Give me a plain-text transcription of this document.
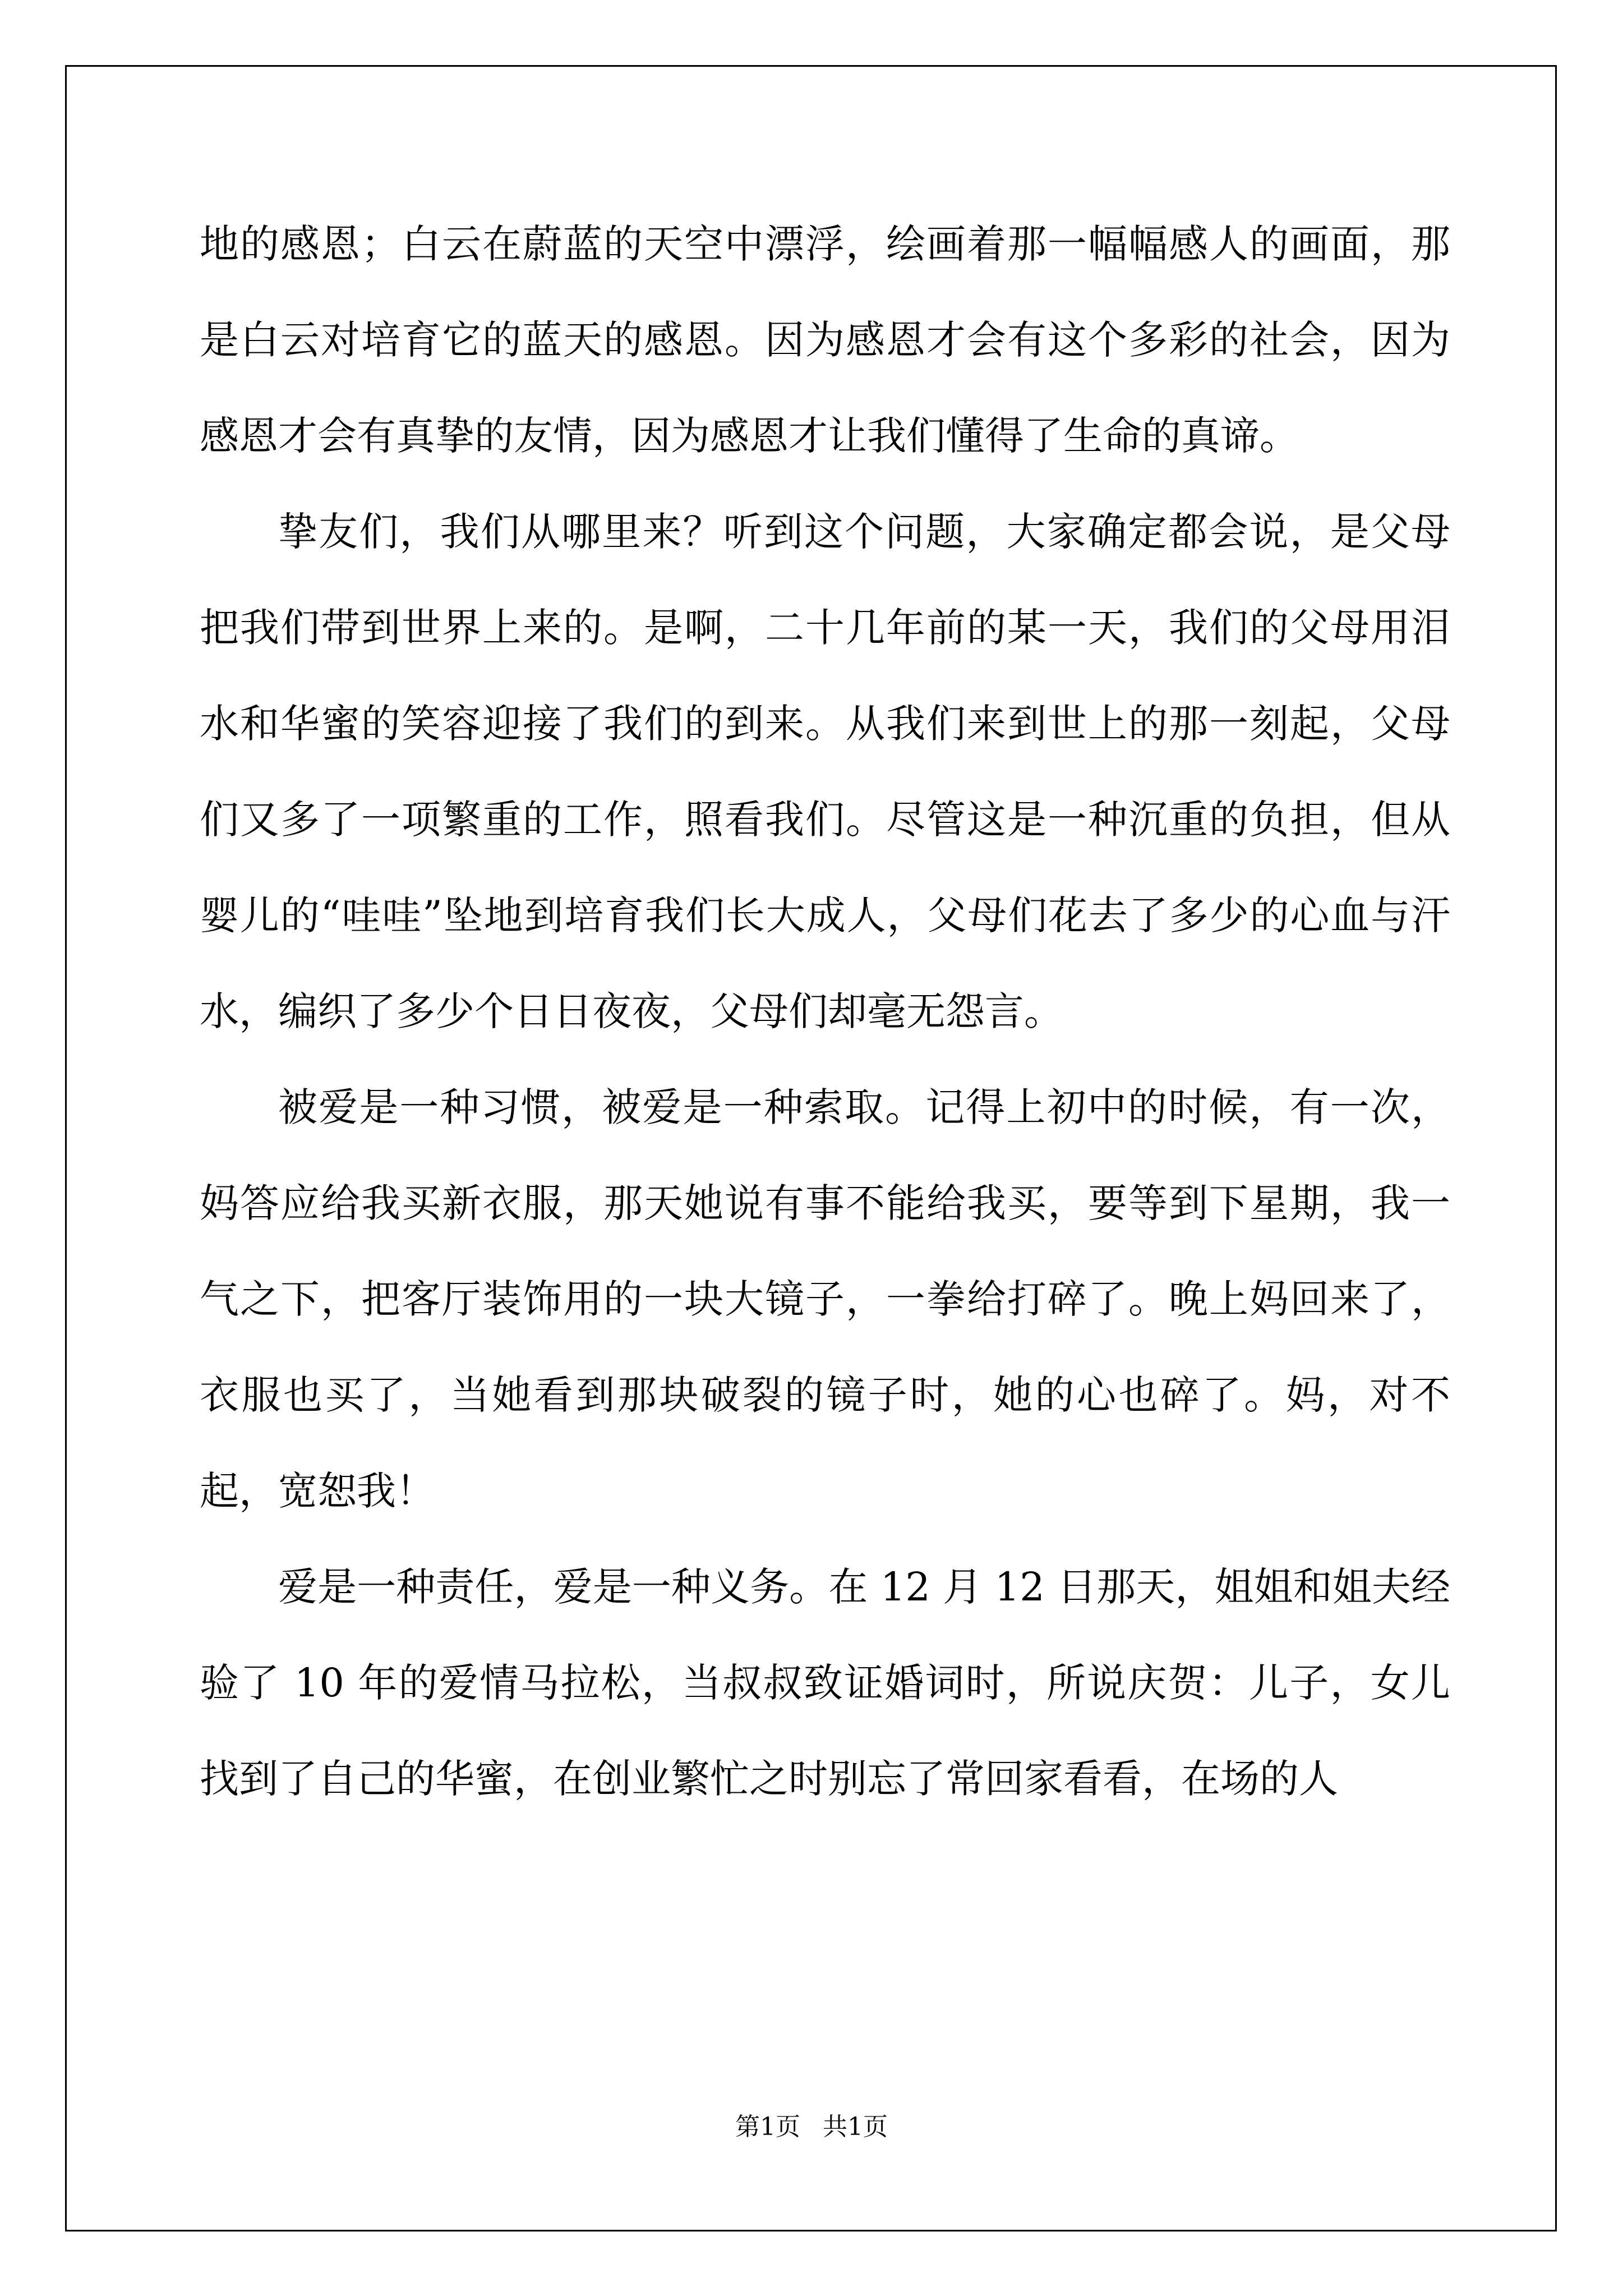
地的感恩；白云在蔚蓝的天空中漂浮，绘画着那一幅幅感人的画面，那是白云对培育它的蓝天的感恩。因为感恩才会有这个多彩的社会，因为感恩才会有真挚的友情，因为感恩才让我们懂得了生命的真谛。

挚友们，我们从哪里来？听到这个问题，大家确定都会说，是父母把我们带到世界上来的。是啊，二十几年前的某一天，我们的父母用泪水和华蜜的笑容迎接了我们的到来。从我们来到世上的那一刻起，父母们又多了一项繁重的工作，照看我们。尽管这是一种沉重的负担，但从婴儿的“哇哇”坠地到培育我们长大成人，父母们花去了多少的心血与汗水，编织了多少个日日夜夜，父母们却毫无怨言。

被爱是一种习惯，被爱是一种索取。记得上初中的时候，有一次，妈答应给我买新衣服，那天她说有事不能给我买，要等到下星期，我一气之下，把客厅装饰用的一块大镜子，一拳给打碎了。晚上妈回来了，衣服也买了，当她看到那块破裂的镜子时，她的心也碎了。妈，对不起，宽恕我！

爱是一种责任，爱是一种义务。在 12 月 12 日那天，姐姐和姐夫经验了 10 年的爱情马拉松，当叔叔致证婚词时，所说庆贺：儿子，女儿找到了自己的华蜜，在创业繁忙之时别忘了常回家看看，在场的人

第1页 共1页
